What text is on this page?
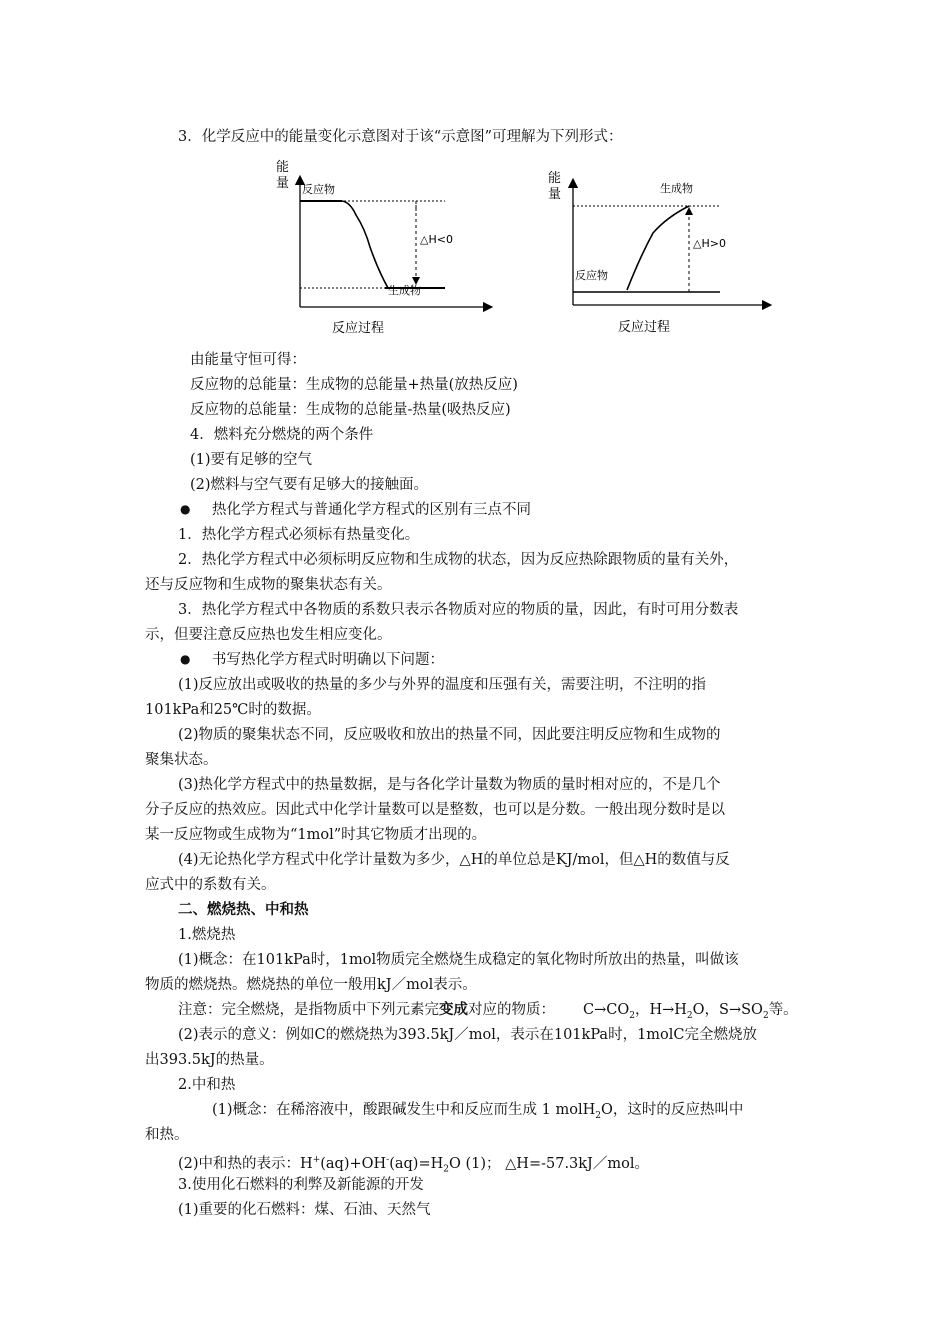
3．化学反应中的能量变化示意图对于该“示意图”可理解为下列形式：
能
量 反应物
生成物
△H<0
反应过程
能
量	生成物
反应物
△H>0
反应过程
由能量守恒可得：
反应物的总能量：生成物的总能量+热量(放热反应)
反应物的总能量：生成物的总能量-热量(吸热反应)
4．燃料充分燃烧的两个条件
(1)要有足够的空气
(2)燃料与空气要有足够大的接触面。
● 热化学方程式与普通化学方程式的区别有三点不同
1．热化学方程式必须标有热量变化。
2．热化学方程式中必须标明反应物和生成物的状态，因为反应热除跟物质的量有关外，
还与反应物和生成物的聚集状态有关。
3．热化学方程式中各物质的系数只表示各物质对应的物质的量，因此，有时可用分数表
示，但要注意反应热也发生相应变化。
● 书写热化学方程式时明确以下问题：
(1)反应放出或吸收的热量的多少与外界的温度和压强有关，需要注明，不注明的指
101kPa和25℃时的数据。
(2)物质的聚集状态不同，反应吸收和放出的热量不同，因此要注明反应物和生成物的
聚集状态。
(3)热化学方程式中的热量数据，是与各化学计量数为物质的量时相对应的，不是几个
分子反应的热效应。因此式中化学计量数可以是整数，也可以是分数。一般出现分数时是以
某一反应物或生成物为“1mol”时其它物质才出现的。
(4)无论热化学方程式中化学计量数为多少，△H的单位总是KJ/mol，但△H的数值与反
应式中的系数有关。
二、燃烧热、中和热
1.燃烧热
(1)概念：在101kPa时，1mol物质完全燃烧生成稳定的氧化物时所放出的热量，叫做该
物质的燃烧热。燃烧热的单位一般用kJ／mol表示。
注意：完全燃烧，是指物质中下列元素完变成对应的物质： $C\to CO_2$，$H\to H_2O$，$S\to SO_2$等。
(2)表示的意义：例如C的燃烧热为393.5kJ／mol，表示在101kPa时，1molC完全燃烧放
出393.5kJ的热量。
2.中和热
(1)概念：在稀溶液中，酸跟碱发生中和反应而生成 1 molH$_2$O，这时的反应热叫中
和热。
(2)中和热的表示：$H^+(aq)+OH^-(aq)=H_2O$ (1)； △H=-57.3kJ／mol。
3.使用化石燃料的利弊及新能源的开发
(1)重要的化石燃料：煤、石油、天然气
